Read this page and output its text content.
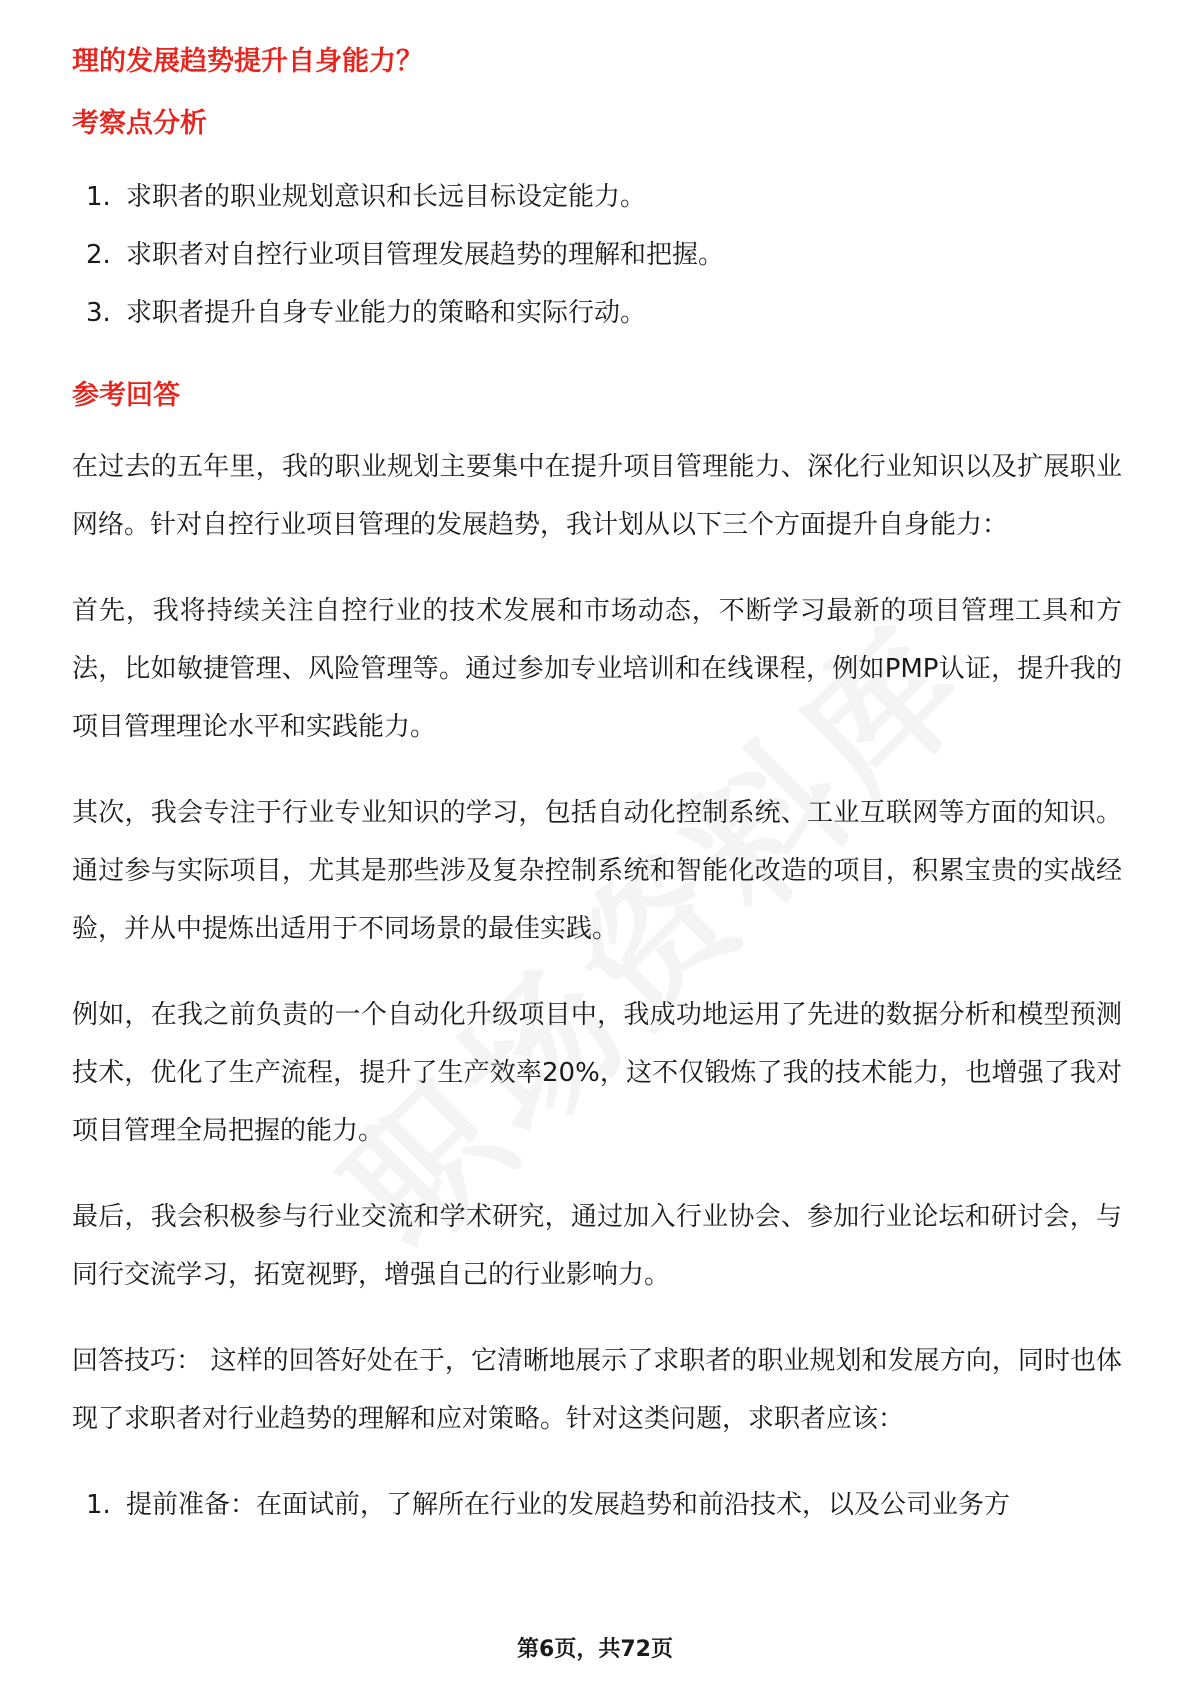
理的发展趋势提升自身能力？
考察点分析
1. 求职者的职业规划意识和长远目标设定能力。
2. 求职者对自控行业项目管理发展趋势的理解和把握。
3. 求职者提升自身专业能力的策略和实际行动。
参考回答

在过去的五年里，我的职业规划主要集中在提升项目管理能力、深化行业知识以及扩展职业网络。针对自控行业项目管理的发展趋势，我计划从以下三个方面提升自身能力：

首先，我将持续关注自控行业的技术发展和市场动态，不断学习最新的项目管理工具和方法，比如敏捷管理、风险管理等。通过参加专业培训和在线课程，例如PMP认证，提升我的项目管理理论水平和实践能力。

其次，我会专注于行业专业知识的学习，包括自动化控制系统、工业互联网等方面的知识。通过参与实际项目，尤其是那些涉及复杂控制系统和智能化改造的项目，积累宝贵的实战经验，并从中提炼出适用于不同场景的最佳实践。

例如，在我之前负责的一个自动化升级项目中，我成功地运用了先进的数据分析和模型预测技术，优化了生产流程，提升了生产效率20%，这不仅锻炼了我的技术能力，也增强了我对项目管理全局把握的能力。

最后，我会积极参与行业交流和学术研究，通过加入行业协会、参加行业论坛和研讨会，与同行交流学习，拓宽视野，增强自己的行业影响力。

回答技巧： 这样的回答好处在于，它清晰地展示了求职者的职业规划和发展方向，同时也体现了求职者对行业趋势的理解和应对策略。针对这类问题，求职者应该：

1. 提前准备：在面试前，了解所在行业的发展趋势和前沿技术，以及公司业务方
第6页，共72页
